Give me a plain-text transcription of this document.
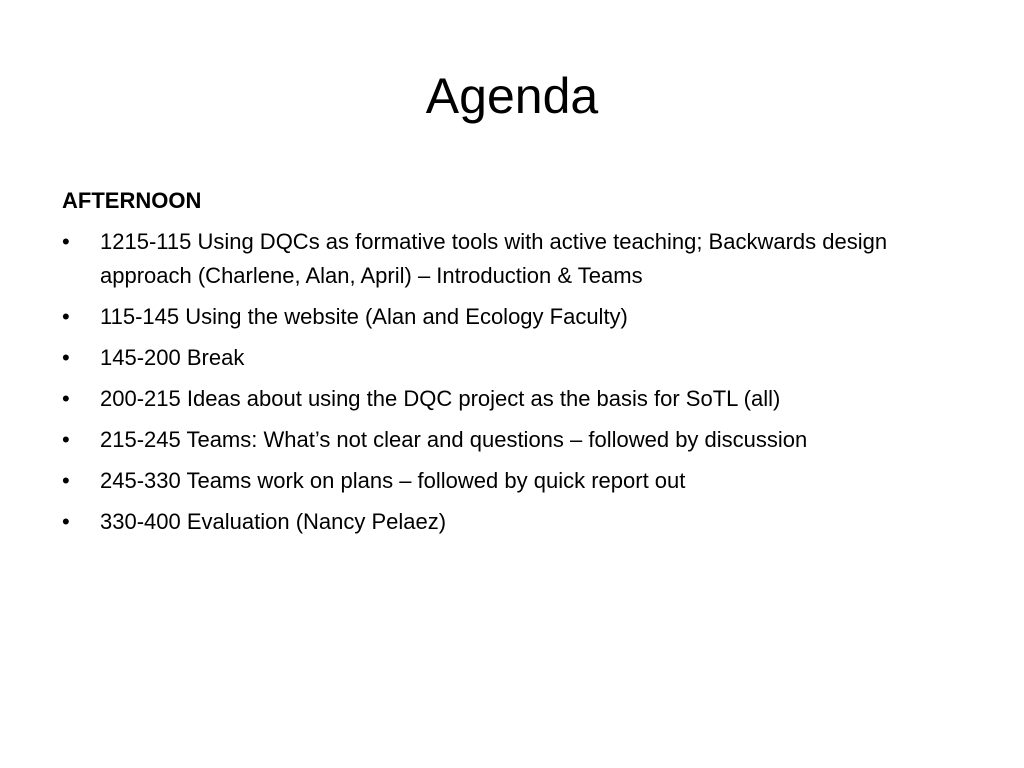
Agenda
AFTERNOON
•	1215-115 Using DQCs as formative tools with active teaching; Backwards design approach (Charlene, Alan, April) – Introduction & Teams
•	115-145 Using the website (Alan and Ecology Faculty)
•	145-200 Break
•	200-215 Ideas about using the DQC project as the basis for SoTL (all)
•	215-245 Teams: What’s not clear and questions – followed by discussion
•	245-330 Teams work on plans – followed by quick report out
•	330-400 Evaluation (Nancy Pelaez)
